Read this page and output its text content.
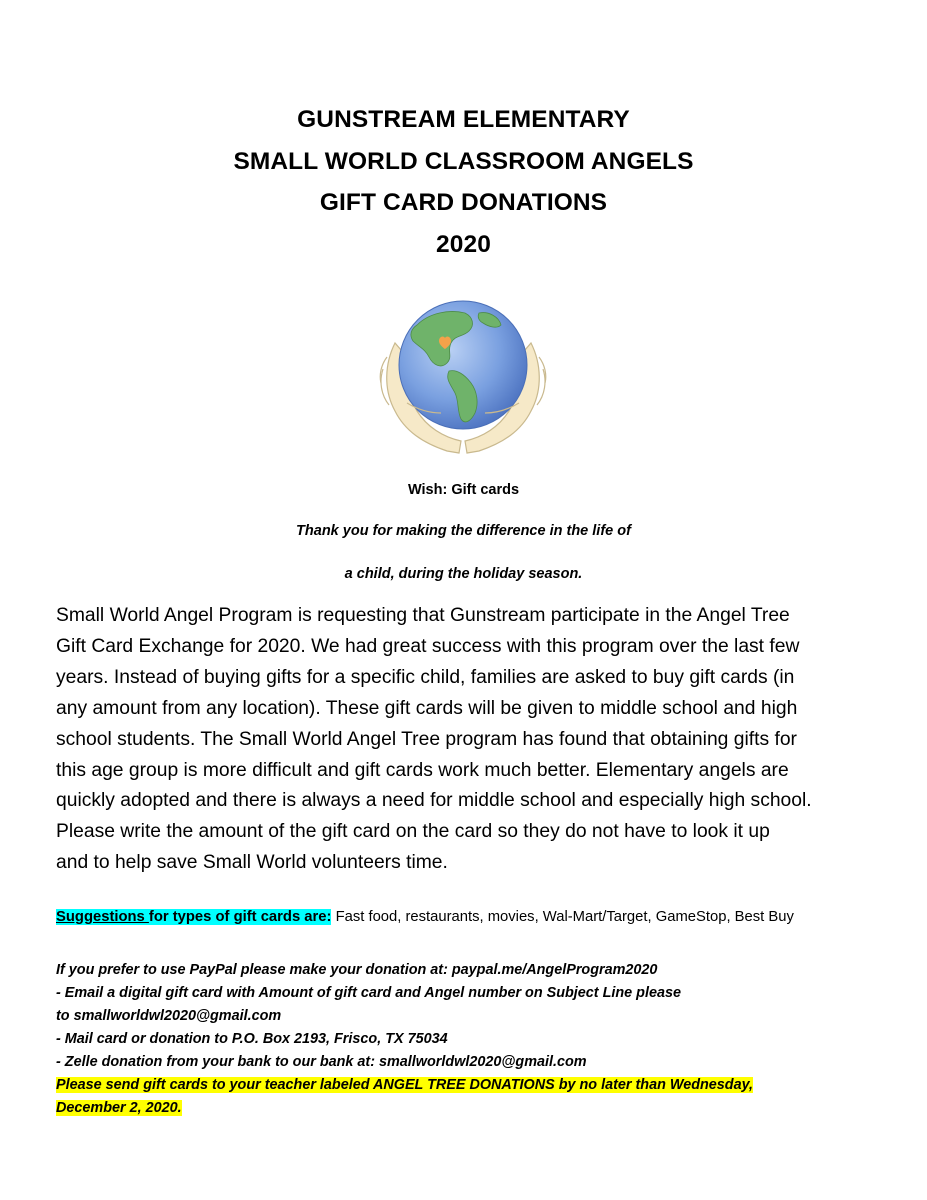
GUNSTREAM ELEMENTARY
SMALL WORLD CLASSROOM ANGELS
GIFT CARD DONATIONS
2020
Wish: Gift cards
Thank you for making the difference in the life of
a child, during the holiday season.
Small World Angel Program is requesting that Gunstream participate in the Angel Tree
Gift Card Exchange for 2020. We had great success with this program over the last few
years. Instead of buying gifts for a specific child, families are asked to buy gift cards (in
any amount from any location). These gift cards will be given to middle school and high
school students. The Small World Angel Tree program has found that obtaining gifts for
this age group is more difficult and gift cards work much better. Elementary angels are
quickly adopted and there is always a need for middle school and especially high school.
Please write the amount of the gift card on the card so they do not have to look it up
and to help save Small World volunteers time.
Suggestions for types of gift cards are: Fast food, restaurants, movies, Wal-Mart/Target, GameStop, Best Buy
If you prefer to use PayPal please make your donation at: paypal.me/AngelProgram2020
- Email a digital gift card with Amount of gift card and Angel number on Subject Line please
to smallworldwl2020@gmail.com
- Mail card or donation to P.O. Box 2193, Frisco, TX 75034
- Zelle donation from your bank to our bank at: smallworldwl2020@gmail.com
Please send gift cards to your teacher labeled ANGEL TREE DONATIONS by no later than Wednesday,
December 2, 2020.
